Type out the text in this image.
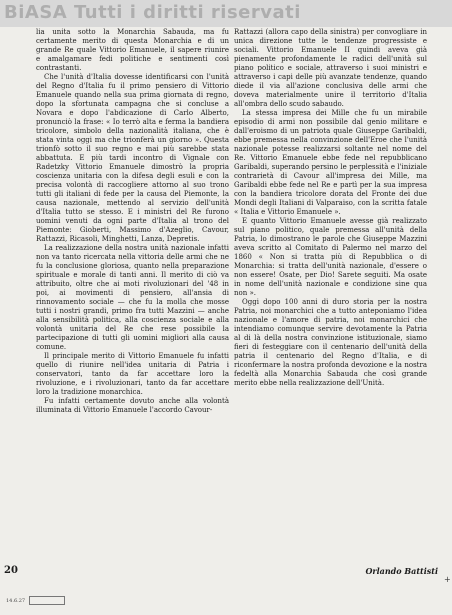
BiASA Tutti i diritti riservati

lia unita sotto la Monarchia Sabauda, ma fu certamente merito di questa Monarchia e di un grande Re quale Vittorio Emanuele, il sapere riunire e amalgamare fedi politiche e sentimenti così contrastanti.

Che l'unità d'Italia dovesse identificarsi con l'unità del Regno d'Italia fu il primo pensiero di Vittorio Emanuele quando nella sua prima giornata di regno, dopo la sfortunata campagna che si concluse a Novara e dopo l'abdicazione di Carlo Alberto, pronunciò la frase: « Io terrò alta e ferma la bandiera tricolore, simbolo della nazionalità italiana, che è stata vinta oggi ma che trionferà un giorno ». Questa trionfò sotto il suo regno e mai più sarebbe stata abbattuta. E più tardi incontro di Vignale con Radetzky Vittorio Emanuele dimostrò la propria coscienza unitaria con la difesa degli esuli e con la precisa volontà di raccogliere attorno al suo trono tutti gli italiani di fede per la causa del Piemonte, la causa nazionale, mettendo al servizio dell'unità d'Italia tutto se stesso. E i ministri del Re furono uomini venuti da ogni parte d'Italia al trono del Piemonte: Gioberti, Massimo d'Azeglio, Cavour, Rattazzi, Ricasoli, Minghetti, Lanza, Depretis.

La realizzazione della nostra unità nazionale infatti non va tanto ricercata nella vittoria delle armi che ne fu la conclusione gloriosa, quanto nella preparazione spirituale e morale di tanti anni. Il merito di ciò va attribuito, oltre che ai moti rivoluzionari del '48 in poi, ai movimenti di pensiero, all'ansia di rinnovamento sociale — che fu la molla che mosse tutti i nostri grandi, primo fra tutti Mazzini — anche alla sensibilità politica, alla coscienza sociale e alla volontà unitaria del Re che rese possibile la partecipazione di tutti gli uomini migliori alla causa comune.

Il principale merito di Vittorio Emanuele fu infatti quello di riunire nell'idea unitaria di Patria i conservatori, tanto da far accettare loro la rivoluzione, e i rivoluzionari, tanto da far accettare loro la tradizione monarchica.

Fu infatti certamente dovuto anche alla volontà illuminata di Vittorio Emanuele l'accordo Cavour-

Rattazzi (allora capo della sinistra) per convogliare in unica direzione tutte le tendenze progressiste e sociali. Vittorio Emanuele II quindi aveva già pienamente profondamente le radici dell'unità sul piano politico e sociale, attraverso i suoi ministri e attraverso i capi delle più avanzate tendenze, quando diede il via all'azione conclusiva delle armi che doveva materialmente unire il territorio d'Italia all'ombra dello scudo sabaudo.

La stessa impresa dei Mille che fu un mirabile episodio di armi non possibile dal genio militare e dall'eroismo di un patriota quale Giuseppe Garibaldi, ebbe premessa nella convinzione dell'Eroe che l'unità nazionale potesse realizzarsi soltante nel nome del Re. Vittorio Emanuele ebbe fede nel repubblicano Garibaldi, superando persino le perplessità e l'iniziale contrarietà di Cavour all'impresa dei Mille, ma Garibaldi ebbe fede nel Re e partì per la sua impresa con la bandiera tricolore dorata del Fronte dei due Mondi degli Italiani di Valparaiso, con la scritta fatale « Italia e Vittorio Emanuele ».

E quanto Vittorio Emanuele avesse già realizzato sul piano politico, quale premessa all'unità della Patria, lo dimostrano le parole che Giuseppe Mazzini aveva scritto al Comitato di Palermo nel marzo del 1860 « Non si tratta più di Repubblica o di Monarchia: si tratta dell'unità nazionale, d'essere o non essere! Osate, per Dio! Sarete seguiti. Ma osate in nome dell'unità nazionale e condizione sine qua non ».

Oggi dopo 100 anni di duro storia per la nostra Patria, noi monarchici che a tutto anteponiamo l'idea nazionale e l'amore di patria, noi monarchici che intendiamo comunque servire devotamente la Patria al di là della nostra convinzione istituzionale, siamo fieri di festeggiare con il centenario dell'unità della patria il centenario del Regno d'Italia, e di riconfermare la nostra profonda devozione e la nostra fedeltà alla Monarchia Sabauda che così grande merito ebbe nella realizzazione dell'Unità.

Orlando Battisti
20
14.6.27
+
